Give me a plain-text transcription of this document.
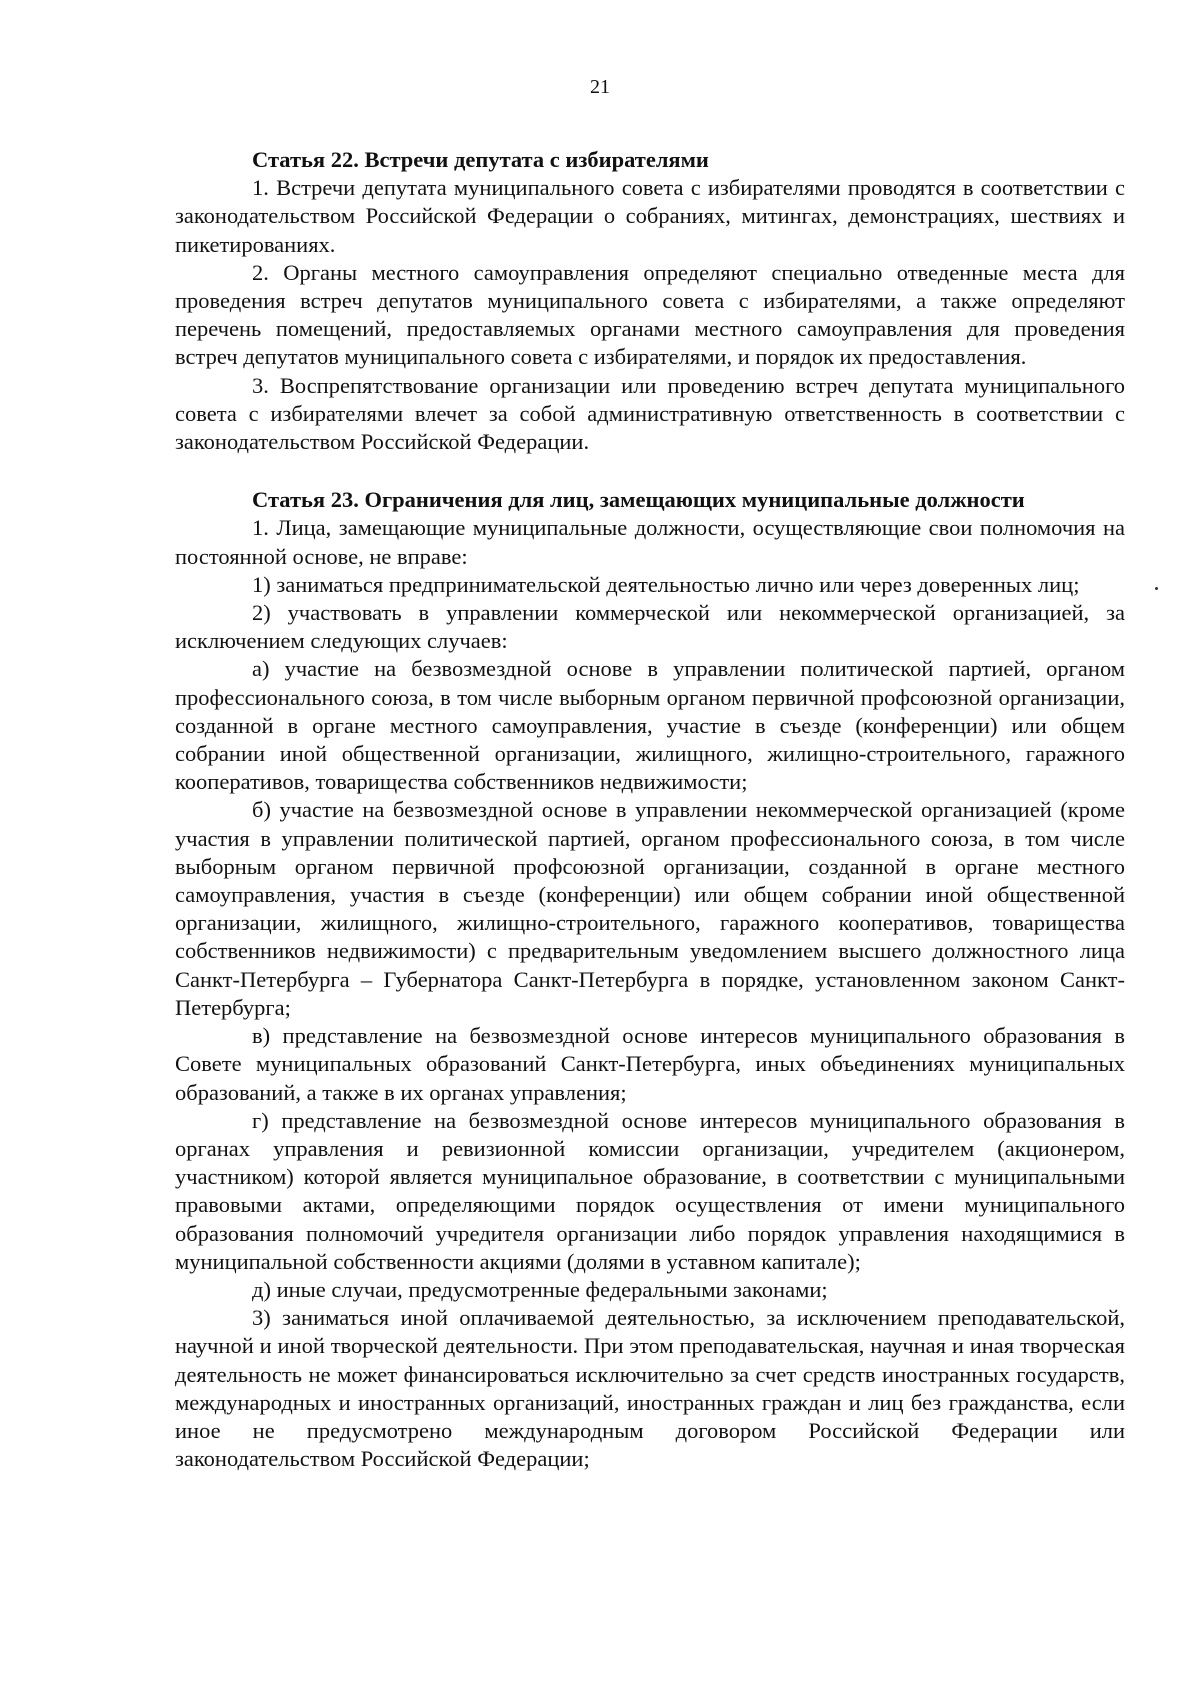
21

Статья 22. Встречи депутата с избирателями

1. Встречи депутата муниципального совета с избирателями проводятся в соответствии с законодательством Российской Федерации о собраниях, митингах, демонстрациях, шествиях и пикетированиях.

2. Органы местного самоуправления определяют специально отведенные места для проведения встреч депутатов муниципального совета с избирателями, а также определяют перечень помещений, предоставляемых органами местного самоуправления для проведения встреч депутатов муниципального совета с избирателями, и порядок их предоставления.

3. Воспрепятствование организации или проведению встреч депутата муниципального совета с избирателями влечет за собой административную ответственность в соответствии с законодательством Российской Федерации.

Статья 23. Ограничения для лиц, замещающих муниципальные должности

1. Лица, замещающие муниципальные должности, осуществляющие свои полномочия на постоянной основе, не вправе:

1) заниматься предпринимательской деятельностью лично или через доверенных лиц;

2) участвовать в управлении коммерческой или некоммерческой организацией, за исключением следующих случаев:

а) участие на безвозмездной основе в управлении политической партией, органом профессионального союза, в том числе выборным органом первичной профсоюзной организации, созданной в органе местного самоуправления, участие в съезде (конференции) или общем собрании иной общественной организации, жилищного, жилищно-строительного, гаражного кооперативов, товарищества собственников недвижимости;

б) участие на безвозмездной основе в управлении некоммерческой организацией (кроме участия в управлении политической партией, органом профессионального союза, в том числе выборным органом первичной профсоюзной организации, созданной в органе местного самоуправления, участия в съезде (конференции) или общем собрании иной общественной организации, жилищного, жилищно-строительного, гаражного кооперативов, товарищества собственников недвижимости) с предварительным уведомлением высшего должностного лица Санкт-Петербурга – Губернатора Санкт-Петербурга в порядке, установленном законом Санкт-Петербурга;

в) представление на безвозмездной основе интересов муниципального образования в Совете муниципальных образований Санкт-Петербурга, иных объединениях муниципальных образований, а также в их органах управления;

г) представление на безвозмездной основе интересов муниципального образования в органах управления и ревизионной комиссии организации, учредителем (акционером, участником) которой является муниципальное образование, в соответствии с муниципальными правовыми актами, определяющими порядок осуществления от имени муниципального образования полномочий учредителя организации либо порядок управления находящимися в муниципальной собственности акциями (долями в уставном капитале);

д) иные случаи, предусмотренные федеральными законами;

3) заниматься иной оплачиваемой деятельностью, за исключением преподавательской, научной и иной творческой деятельности. При этом преподавательская, научная и иная творческая деятельность не может финансироваться исключительно за счет средств иностранных государств, международных и иностранных организаций, иностранных граждан и лиц без гражданства, если иное не предусмотрено международным договором Российской Федерации или законодательством Российской Федерации;
